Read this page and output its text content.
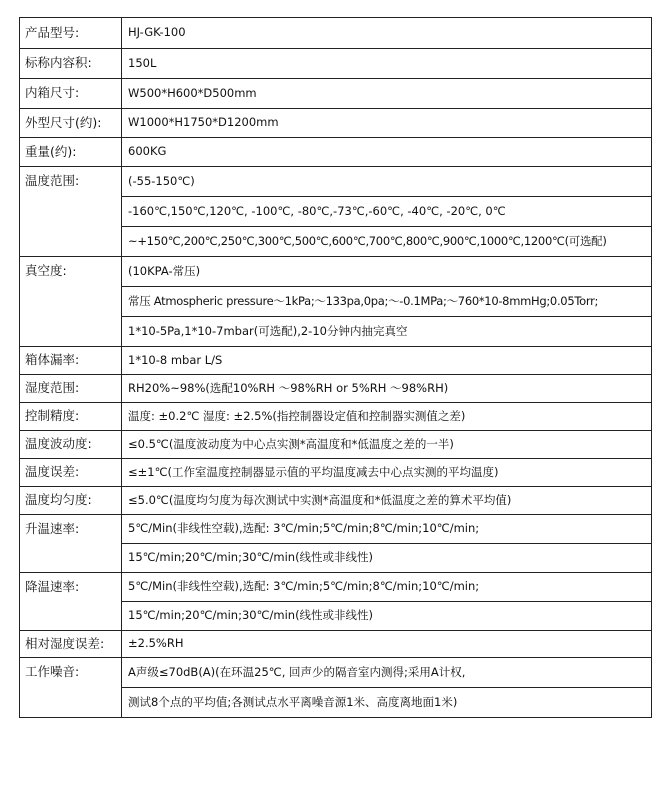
产品型号:	HJ-GK-100
标称内容积:	150L
内箱尺寸:	W500*H600*D500mm
外型尺寸(约):	W1000*H1750*D1200mm
重量(约):	600KG
温度范围:	(-55-150℃)
	-160℃,150℃,120℃, -100℃, -80℃,-73℃,-60℃, -40℃, -20℃, 0℃
	~+150℃,200℃,250℃,300℃,500℃,600℃,700℃,800℃,900℃,1000℃,1200℃(可选配)
真空度:	(10KPA-常压)
	常压 Atmospheric pressure～1kPa;～133pa,0pa;～-0.1MPa;～760*10-8mmHg;0.05Torr;
	1*10-5Pa,1*10-7mbar(可选配),2-10分钟内抽完真空
箱体漏率:	1*10-8 mbar L/S
湿度范围:	RH20%~98%(选配10%RH ～98%RH or 5%RH ～98%RH)
控制精度:	温度: ±0.2℃ 湿度: ±2.5%(指控制器设定值和控制器实测值之差)
温度波动度:	≤0.5℃(温度波动度为中心点实测*高温度和*低温度之差的一半)
温度误差:	≤±1℃(工作室温度控制器显示值的平均温度减去中心点实测的平均温度)
温度均匀度:	≤5.0℃(温度均匀度为每次测试中实测*高温度和*低温度之差的算术平均值)
升温速率:	5℃/Min(非线性空载),选配: 3℃/min;5℃/min;8℃/min;10℃/min;
	15℃/min;20℃/min;30℃/min(线性或非线性)
降温速率:	5℃/Min(非线性空载),选配: 3℃/min;5℃/min;8℃/min;10℃/min;
	15℃/min;20℃/min;30℃/min(线性或非线性)
相对湿度误差:	±2.5%RH
工作噪音:	A声级≤70dB(A)(在环温25℃, 回声少的隔音室内测得;采用A计权,
	测试8个点的平均值;各测试点水平离噪音源1米、高度离地面1米)
